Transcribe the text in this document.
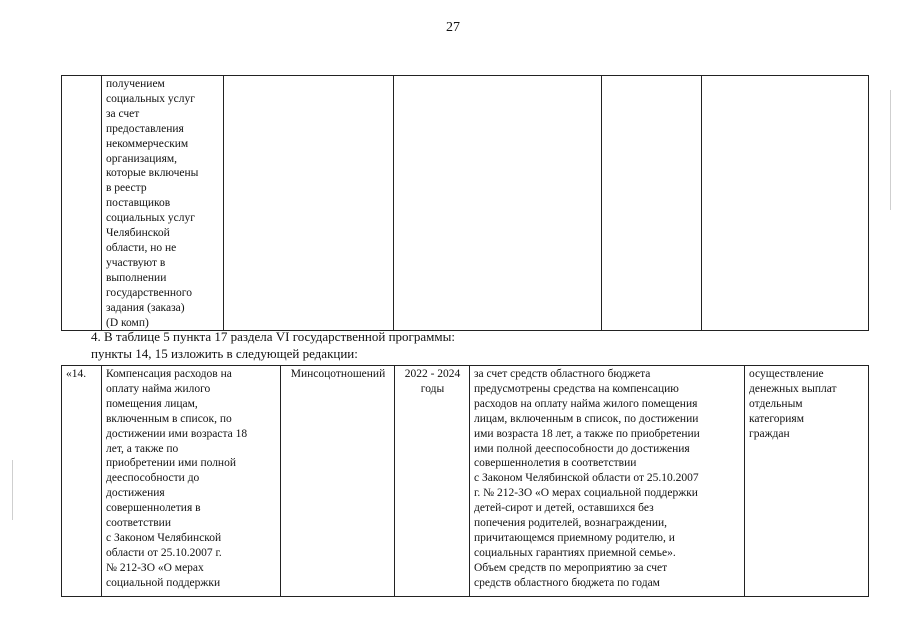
27

получением
социальных услуг
за счет
предоставления
некоммерческим
организациям,
которые включены
в реестр
поставщиков
социальных услуг
Челябинской
области, но не
участвуют в
выполнении
государственного
задания (заказа)
(D комп)

4. В таблице 5 пункта 17 раздела VI государственной программы:
пункты 14, 15 изложить в следующей редакции:
«14.	Компенсация расходов на
оплату найма жилого
помещения лицам,
включенным в список, по
достижении ими возраста 18
лет, а также по
приобретении ими полной
дееспособности до
достижения
совершеннолетия в
соответствии
с Законом Челябинской
области от 25.10.2007 г.
№ 212-ЗО «О мерах
социальной поддержки

Минсоцотношений	2022 - 2024
годы

за счет средств областного бюджета
предусмотрены средства на компенсацию
расходов на оплату найма жилого помещения
лицам, включенным в список, по достижении
ими возраста 18 лет, а также по приобретении
ими полной дееспособности до достижения
совершеннолетия в соответствии
с Законом Челябинской области от 25.10.2007
г. № 212-ЗО «О мерах социальной поддержки
детей-сирот и детей, оставшихся без
попечения родителей, вознаграждении,
причитающемся приемному родителю, и
социальных гарантиях приемной семье».
Объем средств по мероприятию за счет
средств областного бюджета по годам

осуществление
денежных выплат
отдельным
категориям
граждан
